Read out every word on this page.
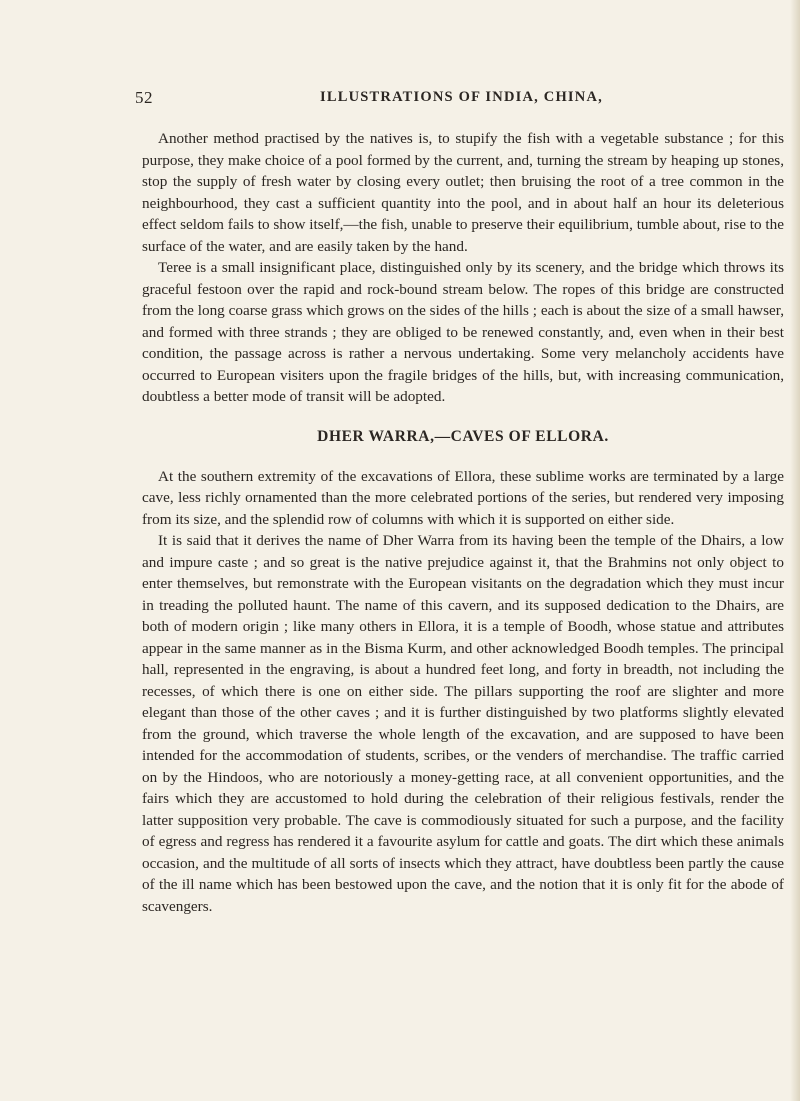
52	ILLUSTRATIONS OF INDIA, CHINA,

Another method practised by the natives is, to stupify the fish with a vegetable substance ; for this purpose, they make choice of a pool formed by the current, and, turning the stream by heaping up stones, stop the supply of fresh water by closing every outlet; then bruising the root of a tree common in the neighbourhood, they cast a sufficient quantity into the pool, and in about half an hour its deleterious effect seldom fails to show itself,—the fish, unable to preserve their equilibrium, tumble about, rise to the surface of the water, and are easily taken by the hand.

Teree is a small insignificant place, distinguished only by its scenery, and the bridge which throws its graceful festoon over the rapid and rock-bound stream below. The ropes of this bridge are constructed from the long coarse grass which grows on the sides of the hills ; each is about the size of a small hawser, and formed with three strands ; they are obliged to be renewed constantly, and, even when in their best condition, the passage across is rather a nervous undertaking. Some very melancholy accidents have occurred to European visiters upon the fragile bridges of the hills, but, with increasing communication, doubtless a better mode of transit will be adopted.

DHER WARRA,—CAVES OF ELLORA.

At the southern extremity of the excavations of Ellora, these sublime works are terminated by a large cave, less richly ornamented than the more celebrated portions of the series, but rendered very imposing from its size, and the splendid row of columns with which it is supported on either side.

It is said that it derives the name of Dher Warra from its having been the temple of the Dhairs, a low and impure caste ; and so great is the native prejudice against it, that the Brahmins not only object to enter themselves, but remonstrate with the European visitants on the degradation which they must incur in treading the polluted haunt. The name of this cavern, and its supposed dedication to the Dhairs, are both of modern origin ; like many others in Ellora, it is a temple of Boodh, whose statue and attributes appear in the same manner as in the Bisma Kurm, and other acknowledged Boodh temples. The principal hall, represented in the engraving, is about a hundred feet long, and forty in breadth, not including the recesses, of which there is one on either side. The pillars supporting the roof are slighter and more elegant than those of the other caves ; and it is further distinguished by two platforms slightly elevated from the ground, which traverse the whole length of the excavation, and are supposed to have been intended for the accommodation of students, scribes, or the venders of merchandise. The traffic carried on by the Hindoos, who are notoriously a money-getting race, at all convenient opportunities, and the fairs which they are accustomed to hold during the celebration of their religious festivals, render the latter supposition very probable. The cave is commodiously situated for such a purpose, and the facility of egress and regress has rendered it a favourite asylum for cattle and goats. The dirt which these animals occasion, and the multitude of all sorts of insects which they attract, have doubtless been partly the cause of the ill name which has been bestowed upon the cave, and the notion that it is only fit for the abode of scavengers.
